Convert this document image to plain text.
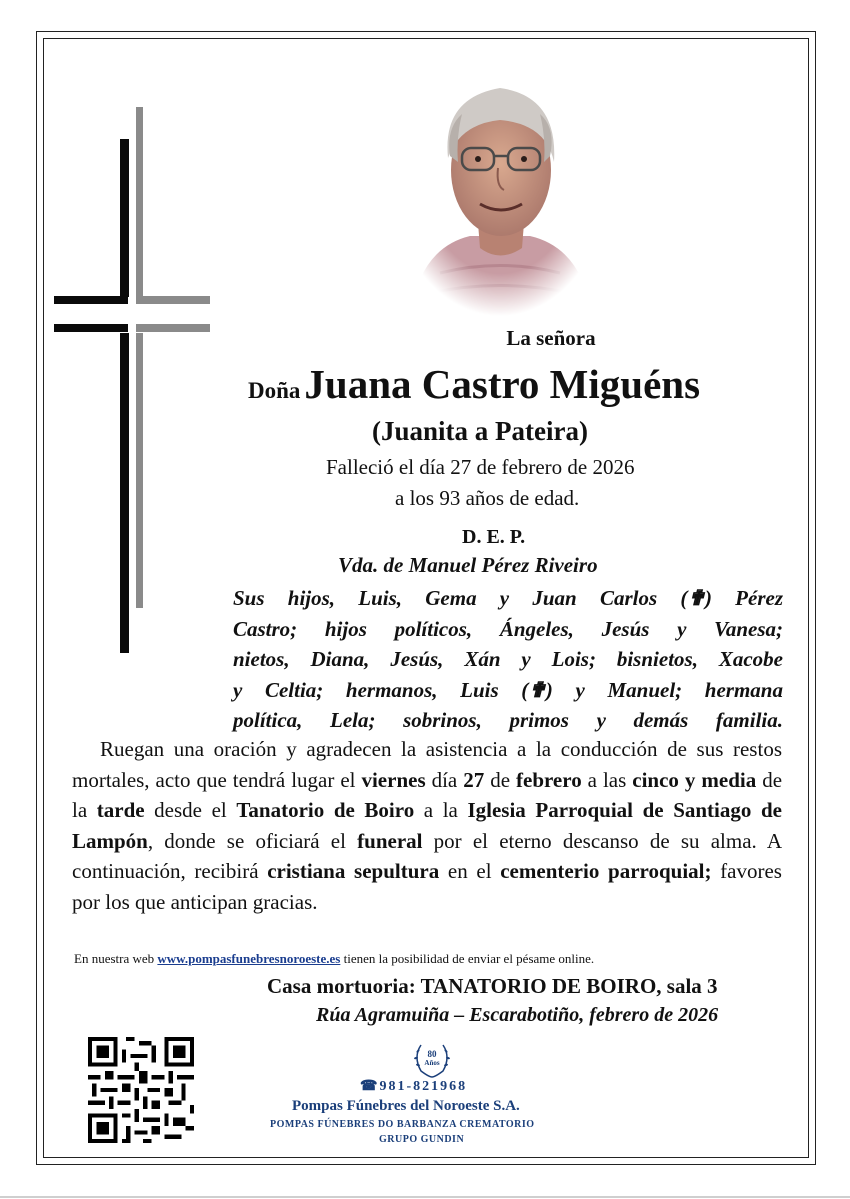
La señora
Doña Juana Castro Miguéns
(Juanita a Pateira)
Falleció el día 27 de febrero de 2026
a los 93 años de edad.
D. E. P.
Vda. de Manuel Pérez Riveiro
Sus hijos, Luis, Gema y Juan Carlos (✟) Pérez
Castro; hijos políticos, Ángeles, Jesús y Vanesa;
nietos, Diana, Jesús, Xán y Lois; bisnietos, Xacobe
y Celtia; hermanos, Luis (✟) y Manuel; hermana
política, Lela; sobrinos, primos y demás familia.
Ruegan una oración y agradecen la asistencia a la conducción de sus restos mortales, acto que tendrá lugar el viernes día 27 de febrero a las cinco y media de la tarde desde el Tanatorio de Boiro a la Iglesia Parroquial de Santiago de Lampón, donde se oficiará el funeral por el eterno descanso de su alma. A continuación, recibirá cristiana sepultura en el cementerio parroquial; favores por los que anticipan gracias.
En nuestra web www.pompasfunebresnoroeste.es tienen la posibilidad de enviar el pésame online.
Casa mortuoria: TANATORIO DE BOIRO, sala 3
Rúa Agramuiña – Escarabotiño, febrero de 2026
80
Años
☎981-821968
Pompas Fúnebres del Noroeste S.A.
POMPAS FÚNEBRES DO BARBANZA CREMATORIO
GRUPO GUNDIN
